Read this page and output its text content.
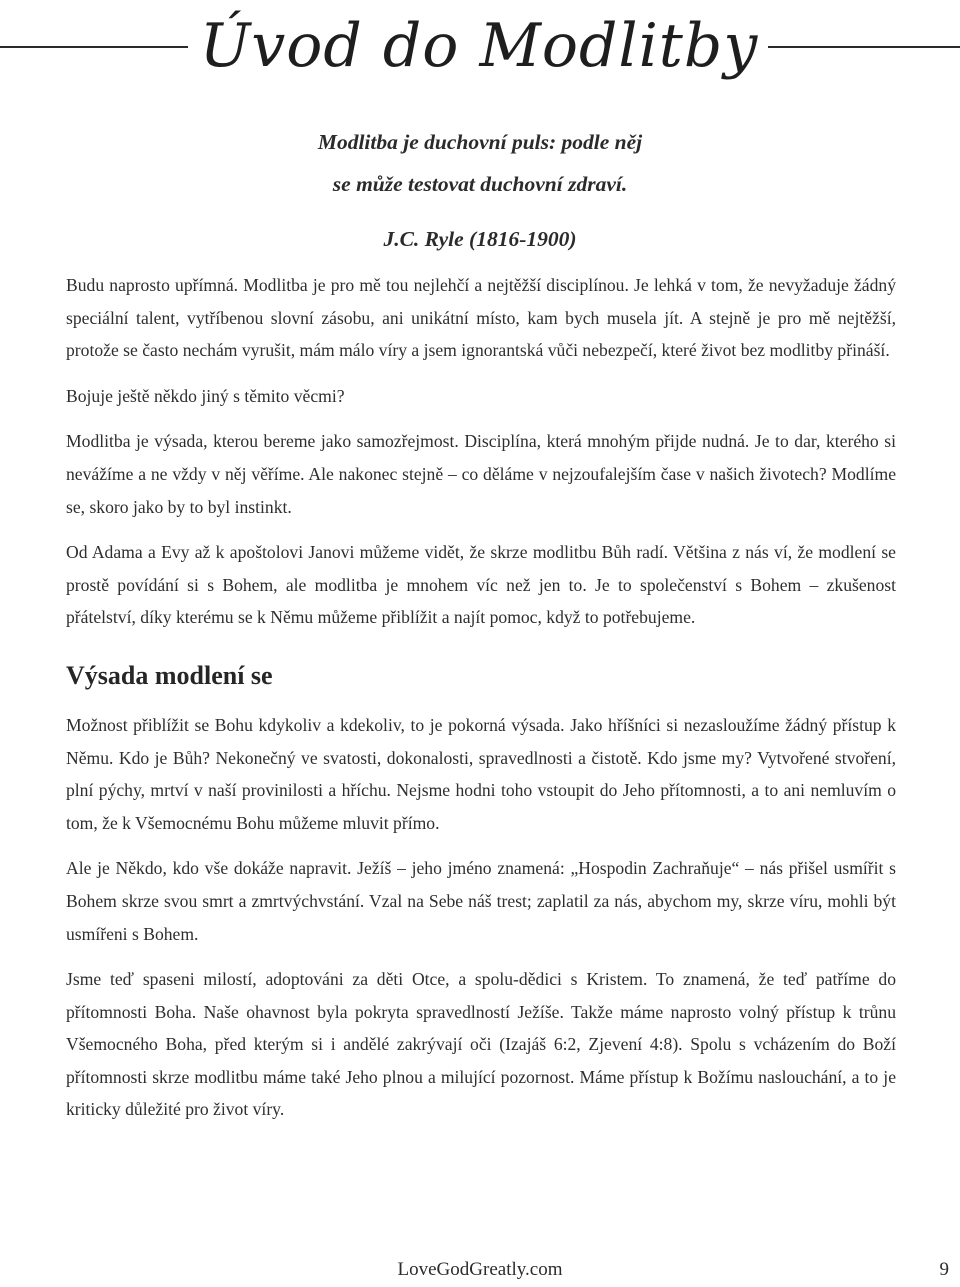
Úvod do Modlitby

Modlitba je duchovní puls: podle něj

se může testovat duchovní zdraví.

J.C. Ryle (1816-1900)

Budu naprosto upřímná. Modlitba je pro mě tou nejlehčí a nejtěžší disciplínou. Je lehká v tom, že nevyžaduje žádný speciální talent, vytříbenou slovní zásobu, ani unikátní místo, kam bych musela jít. A stejně je pro mě nejtěžší, protože se často nechám vyrušit, mám málo víry a jsem ignorantská vůči nebezpečí, které život bez modlitby přináší.

Bojuje ještě někdo jiný s těmito věcmi?

Modlitba je výsada, kterou bereme jako samozřejmost. Disciplína, která mnohým přijde nudná. Je to dar, kterého si nevážíme a ne vždy v něj věříme. Ale nakonec stejně – co děláme v nejzoufalejším čase v našich životech? Modlíme se, skoro jako by to byl instinkt.

Od Adama a Evy až k apoštolovi Janovi můžeme vidět, že skrze modlitbu Bůh radí. Většina z nás ví, že modlení se prostě povídání si s Bohem, ale modlitba je mnohem víc než jen to. Je to společenství s Bohem – zkušenost přátelství, díky kterému se k Němu můžeme přiblížit a najít pomoc, když to potřebujeme.

Výsada modlení se

Možnost přiblížit se Bohu kdykoliv a kdekoliv, to je pokorná výsada. Jako hříšníci si nezasloužíme žádný přístup k Němu. Kdo je Bůh? Nekonečný ve svatosti, dokonalosti, spravedlnosti a čistotě. Kdo jsme my? Vytvořené stvoření, plní pýchy, mrtví v naší provinilosti a hříchu. Nejsme hodni toho vstoupit do Jeho přítomnosti, a to ani nemluvím o tom, že k Všemocnému Bohu můžeme mluvit přímo.

Ale je Někdo, kdo vše dokáže napravit. Ježíš – jeho jméno znamená: „Hospodin Zachraňuje“ – nás přišel usmířit s Bohem skrze svou smrt a zmrtvýchvstání. Vzal na Sebe náš trest; zaplatil za nás, abychom my, skrze víru, mohli být usmířeni s Bohem.

Jsme teď spaseni milostí, adoptováni za děti Otce, a spolu-dědici s Kristem. To znamená, že teď patříme do přítomnosti Boha. Naše ohavnost byla pokryta spravedlností Ježíše. Takže máme naprosto volný přístup k trůnu Všemocného Boha, před kterým si i andělé zakrývají oči (Izajáš 6:2, Zjevení 4:8). Spolu s vcházením do Boží přítomnosti skrze modlitbu máme také Jeho plnou a milující pozornost. Máme přístup k Božímu naslouchání, a to je kriticky důležité pro život víry.

LoveGodGreatly.com	9
